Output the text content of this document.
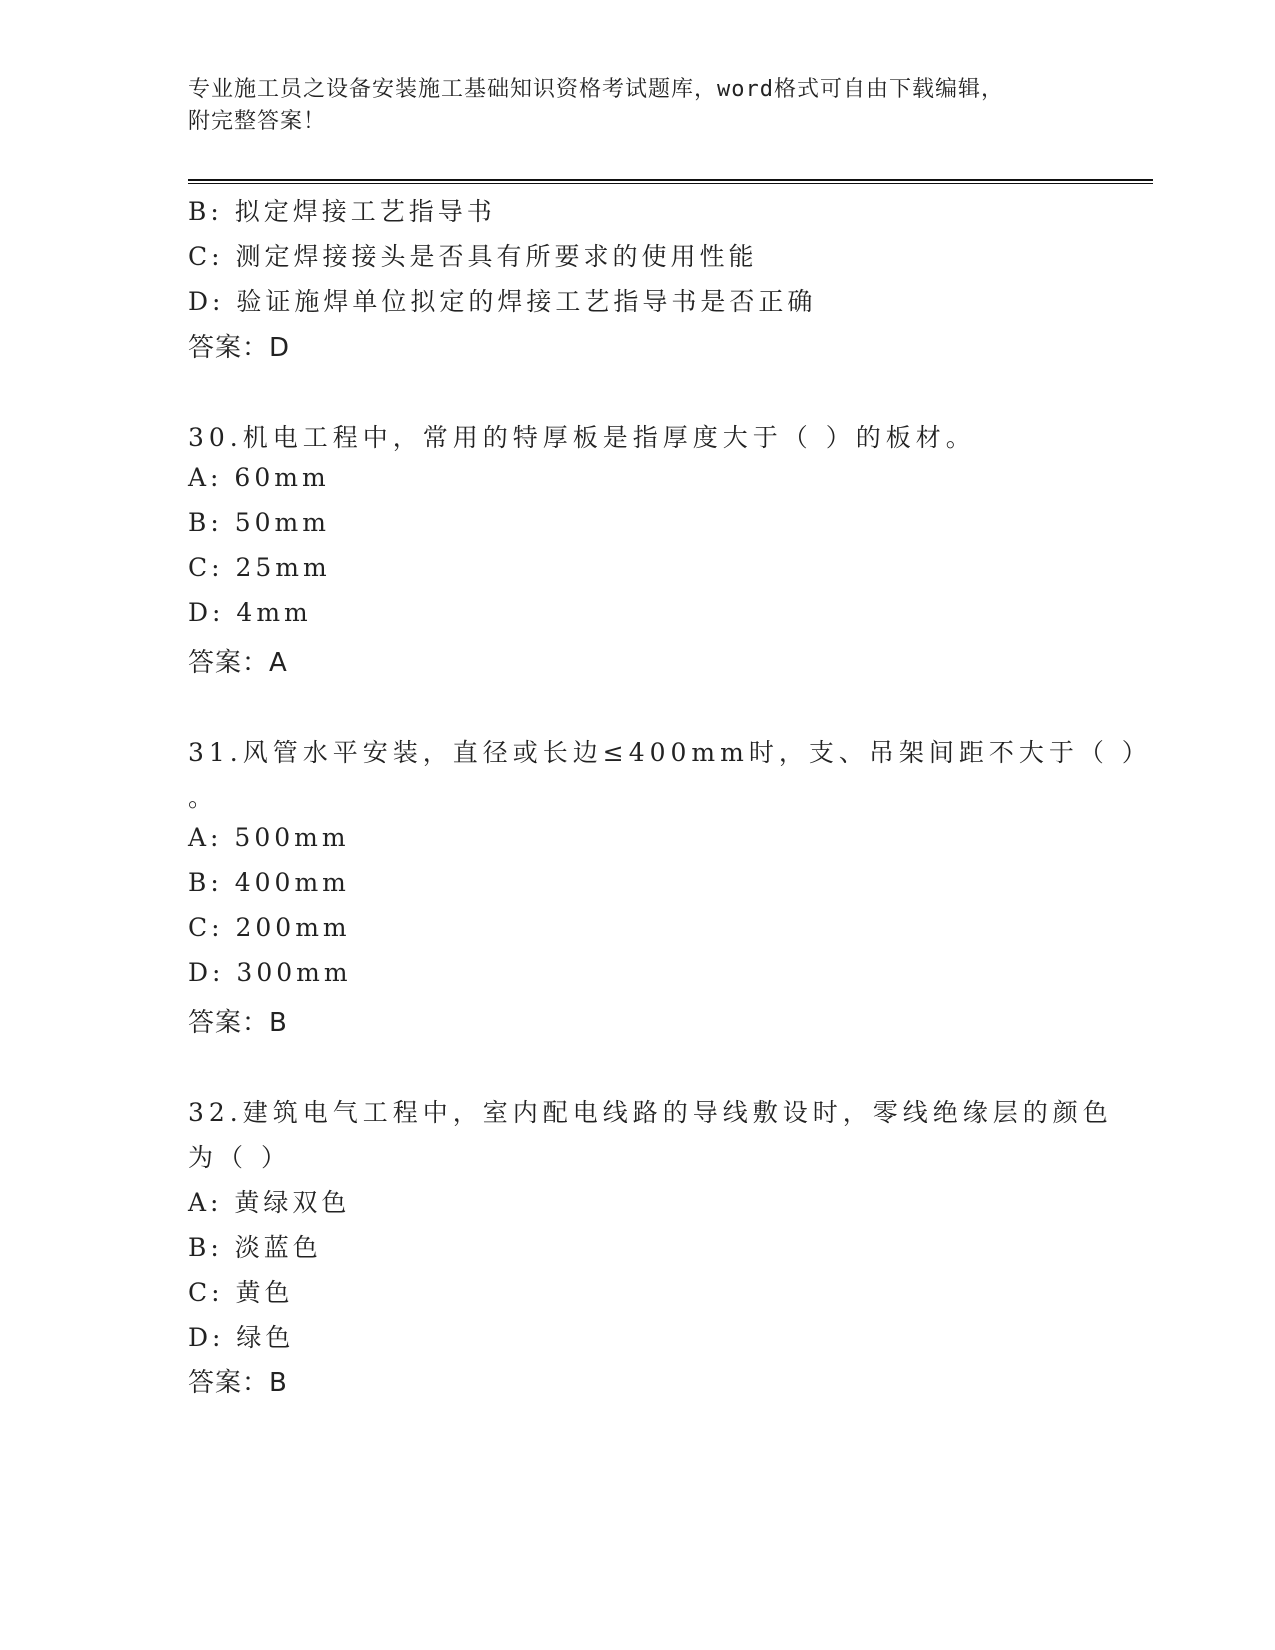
专业施工员之设备安装施工基础知识资格考试题库，word格式可自由下载编辑，
附完整答案！
B: 拟定焊接工艺指导书
C: 测定焊接接头是否具有所要求的使用性能
D: 验证施焊单位拟定的焊接工艺指导书是否正确
答案：D
30.机电工程中，常用的特厚板是指厚度大于（ ）的板材。
A: 60mm
B: 50mm
C: 25mm
D: 4mm
答案：A
31.风管水平安装，直径或长边≤400mm时，支、吊架间距不大于（ ）
。
A: 500mm
B: 400mm
C: 200mm
D: 300mm
答案：B
32.建筑电气工程中，室内配电线路的导线敷设时，零线绝缘层的颜色
为（ ）
A: 黄绿双色
B: 淡蓝色
C: 黄色
D: 绿色
答案：B
